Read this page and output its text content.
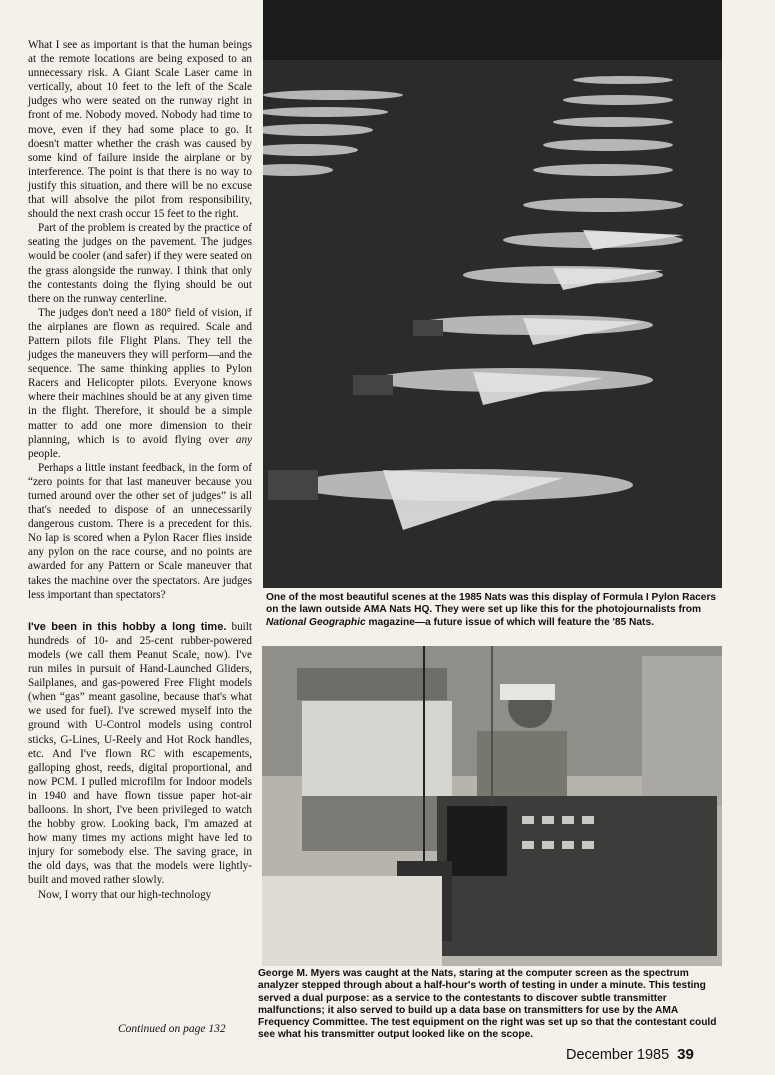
What I see as important is that the human beings at the remote locations are being exposed to an unnecessary risk. A Giant Scale Laser came in vertically, about 10 feet to the left of the Scale judges who were seated on the runway right in front of me. Nobody moved. Nobody had time to move, even if they had some place to go. It doesn't matter whether the crash was caused by some kind of failure inside the airplane or by interference. The point is that there is no way to justify this situation, and there will be no excuse that will absolve the pilot from responsibility, should the next crash occur 15 feet to the right.

Part of the problem is created by the practice of seating the judges on the pavement. The judges would be cooler (and safer) if they were seated on the grass alongside the runway. I think that only the contestants doing the flying should be out there on the runway centerline.

The judges don't need a 180° field of vision, if the airplanes are flown as required. Scale and Pattern pilots file Flight Plans. They tell the judges the maneuvers they will perform—and the sequence. The same thinking applies to Pylon Racers and Helicopter pilots. Everyone knows where their machines should be at any given time in the flight. Therefore, it should be a simple matter to add one more dimension to their planning, which is to avoid flying over any people.

Perhaps a little instant feedback, in the form of “zero points for that last maneuver because you turned around over the other set of judges” is all that's needed to dispose of an unnecessarily dangerous custom. There is a precedent for this. No lap is scored when a Pylon Racer flies inside any pylon on the race course, and no points are awarded for any Pattern or Scale maneuver that takes the machine over the spectators. Are judges less important than spectators?

I've been in this hobby a long time. built hundreds of 10- and 25-cent rubber-powered models (we call them Peanut Scale, now). I've run miles in pursuit of Hand-Launched Gliders, Sailplanes, and gas-powered Free Flight models (when “gas” meant gasoline, because that's what we used for fuel). I've screwed myself into the ground with U-Control models using control sticks, G-Lines, U-Reely and Hot Rock handles, etc. And I've flown RC with escapements, galloping ghost, reeds, digital proportional, and now PCM. I pulled microfilm for Indoor models in 1940 and have flown tissue paper hot-air balloons. In short, I've been privileged to watch the hobby grow. Looking back, I'm amazed at how many times my actions might have led to injury for somebody else. The saving grace, in the old days, was that the models were lightly-built and moved rather slowly.

Now, I worry that our high-technology

Continued on page 132
One of the most beautiful scenes at the 1985 Nats was this display of Formula I Pylon Racers on the lawn outside AMA Nats HQ. They were set up like this for the photojournalists from National Geographic magazine—a future issue of which will feature the '85 Nats.
George M. Myers was caught at the Nats, staring at the computer screen as the spectrum analyzer stepped through about a half-hour's worth of testing in under a minute. This testing served a dual purpose: as a service to the contestants to discover subtle transmitter malfunctions; it also served to build up a data base on transmitters for use by the AMA Frequency Committee. The test equipment on the right was set up so that the contestant could see what his transmitter output looked like on the scope.
December 1985 39
